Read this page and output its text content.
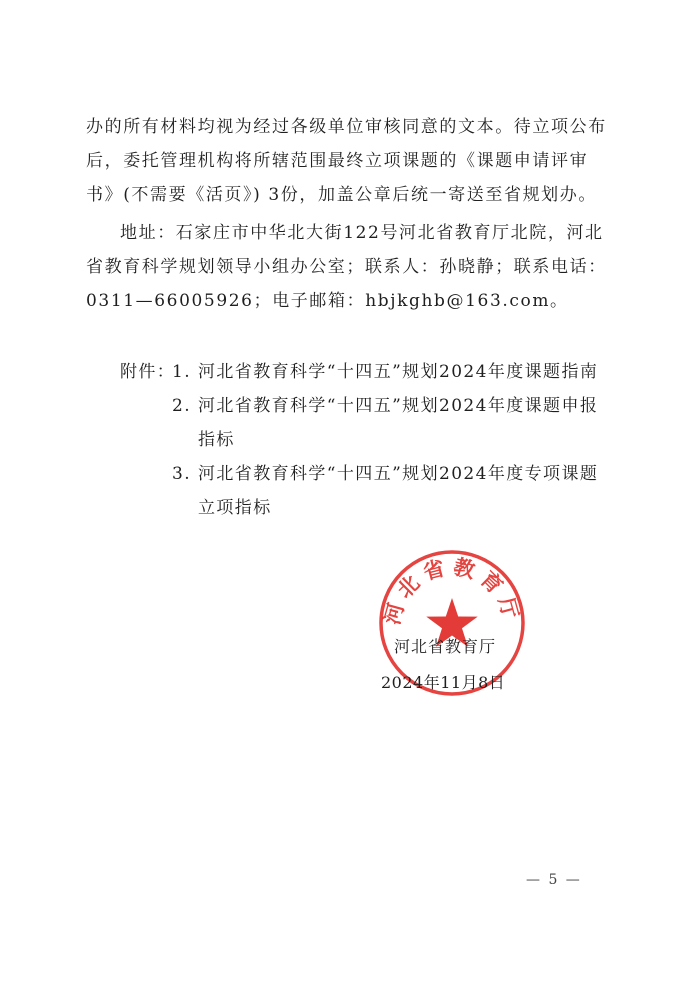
办的所有材料均视为经过各级单位审核同意的文本。待立项公布
后，委托管理机构将所辖范围最终立项课题的《课题申请评审
书》(不需要《活页》) 3份，加盖公章后统一寄送至省规划办。
地址：石家庄市中华北大街122号河北省教育厅北院，河北
省教育科学规划领导小组办公室；联系人：孙晓静；联系电话：
0311—66005926；电子邮箱：hbjkghb@163.com。
附件：
1. 河北省教育科学“十四五”规划2024年度课题指南
2. 河北省教育科学“十四五”规划2024年度课题申报指标
3. 河北省教育科学“十四五”规划2024年度专项课题立项指标
河北省教育厅
河北省教育厅
2024年11月8日
— 5 —
